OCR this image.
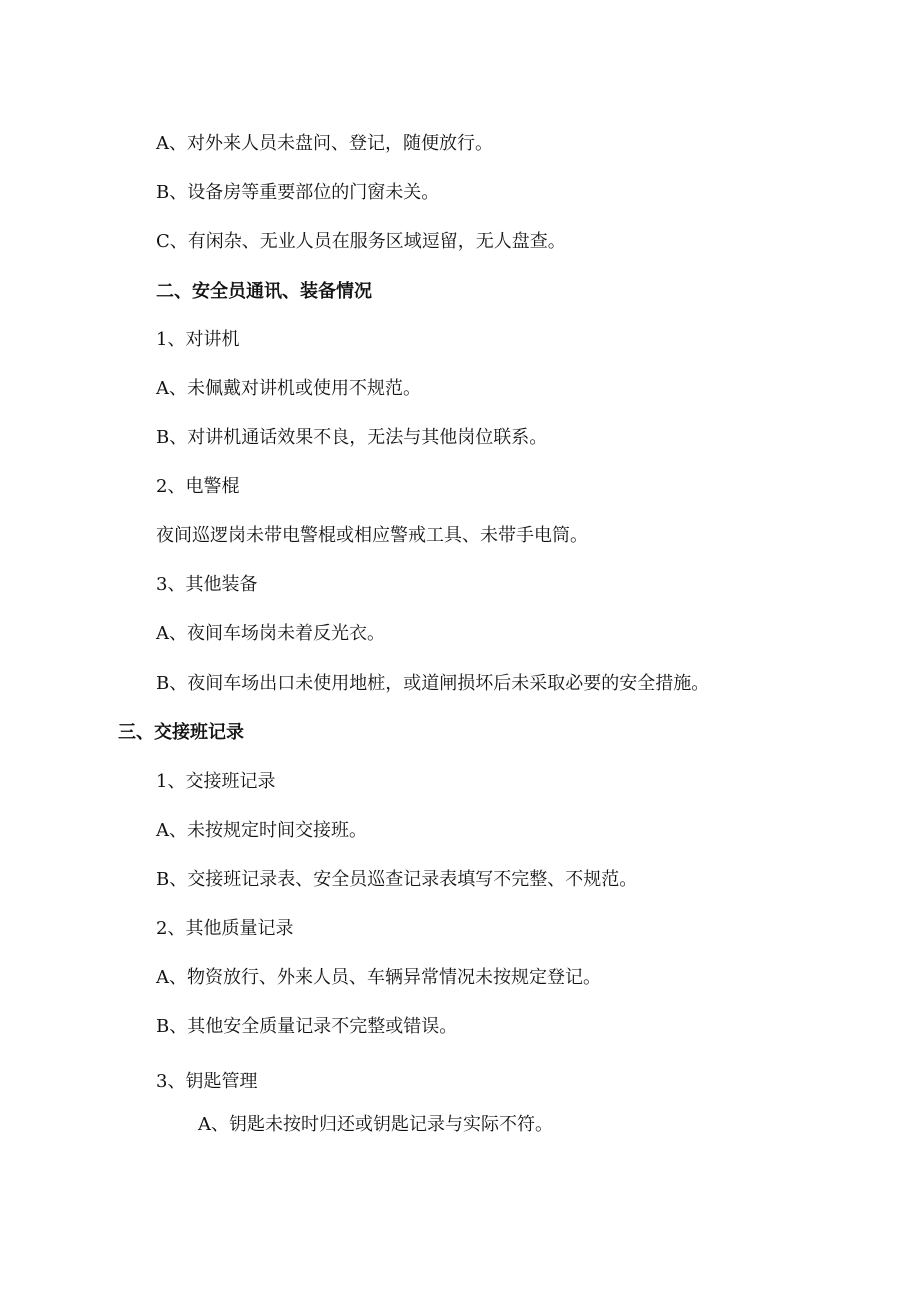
A、对外来人员未盘问、登记，随便放行。

B、设备房等重要部位的门窗未关。

C、有闲杂、无业人员在服务区域逗留，无人盘查。

二、安全员通讯、装备情况

1、对讲机

A、未佩戴对讲机或使用不规范。

B、对讲机通话效果不良，无法与其他岗位联系。

2、电警棍

夜间巡逻岗未带电警棍或相应警戒工具、未带手电筒。

3、其他装备

A、夜间车场岗未着反光衣。

B、夜间车场出口未使用地桩，或道闸损坏后未采取必要的安全措施。

三、交接班记录

1、交接班记录

A、未按规定时间交接班。

B、交接班记录表、安全员巡查记录表填写不完整、不规范。

2、其他质量记录

A、物资放行、外来人员、车辆异常情况未按规定登记。

B、其他安全质量记录不完整或错误。

3、钥匙管理

A、钥匙未按时归还或钥匙记录与实际不符。
